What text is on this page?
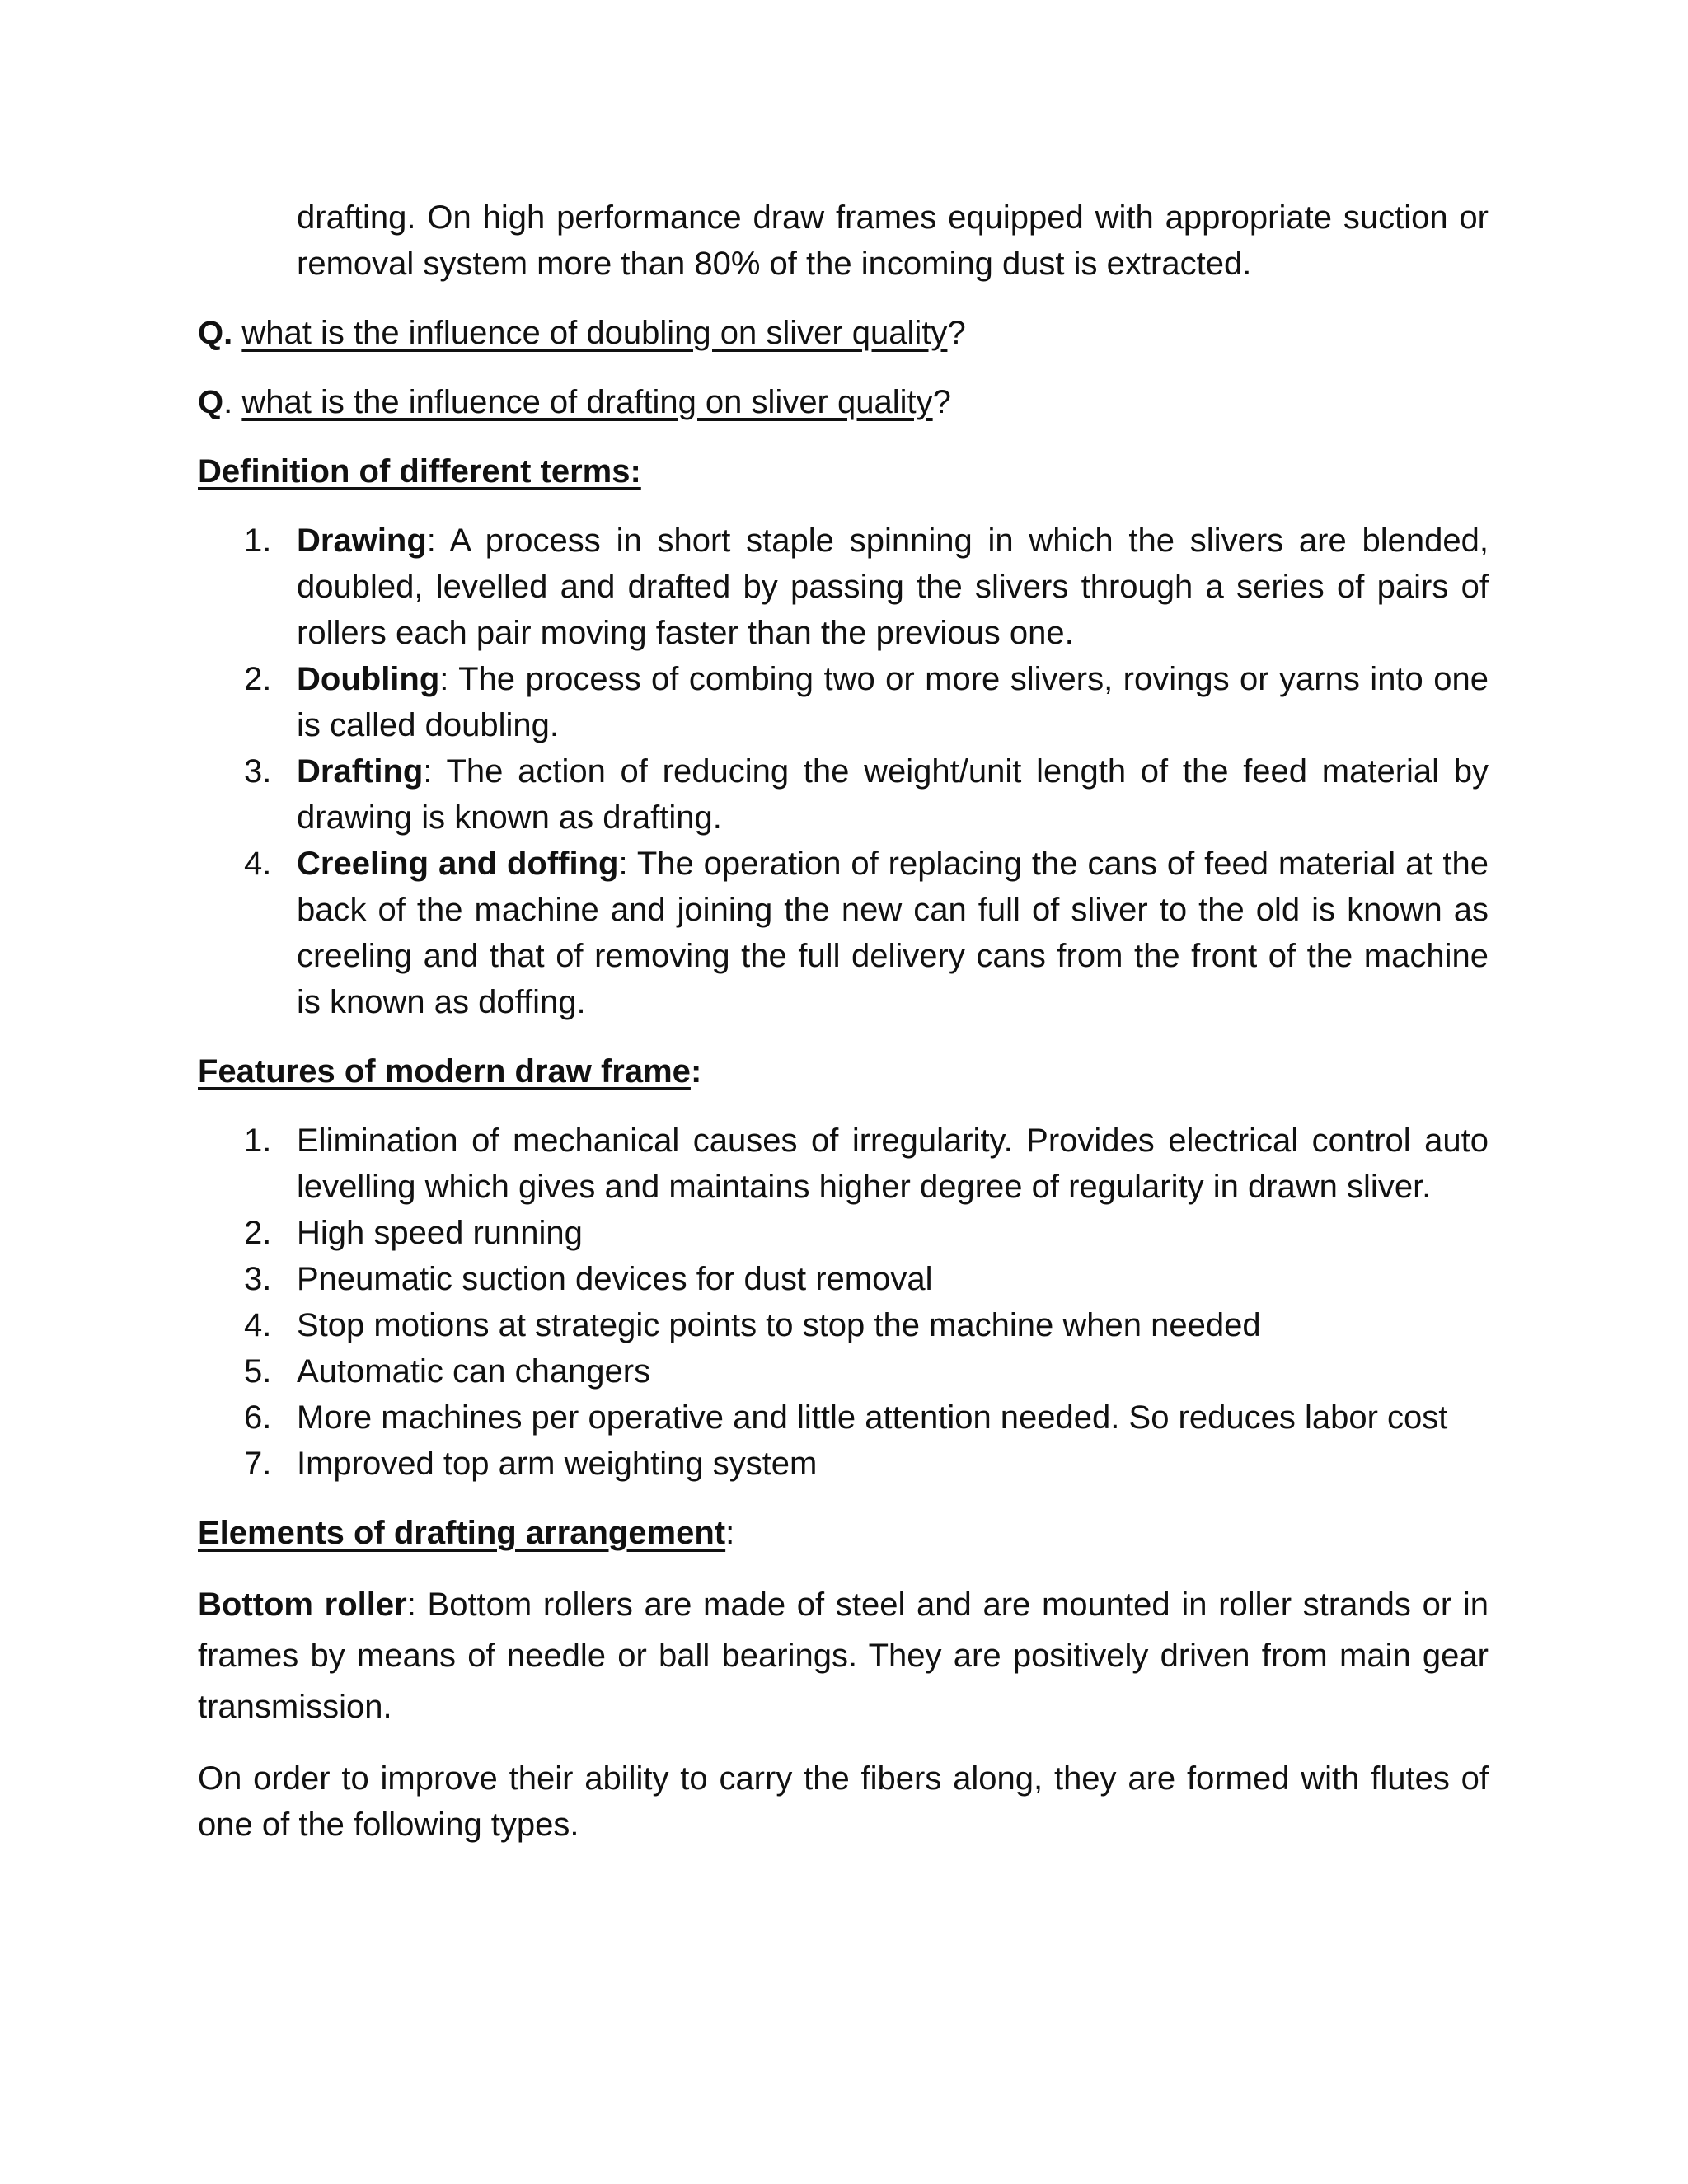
drafting. On high performance draw frames equipped with appropriate suction or removal system more than 80% of the incoming dust is extracted.

Q. what is the influence of doubling on sliver quality?

Q. what is the influence of drafting on sliver quality?

Definition of different terms:

1. Drawing: A process in short staple spinning in which the slivers are blended, doubled, levelled and drafted by passing the slivers through a series of pairs of rollers each pair moving faster than the previous one.
2. Doubling: The process of combing two or more slivers, rovings or yarns into one is called doubling.
3. Drafting: The action of reducing the weight/unit length of the feed material by drawing is known as drafting.
4. Creeling and doffing: The operation of replacing the cans of feed material at the back of the machine and joining the new can full of sliver to the old is known as creeling and that of removing the full delivery cans from the front of the machine is known as doffing.

Features of modern draw frame:

1. Elimination of mechanical causes of irregularity. Provides electrical control auto levelling which gives and maintains higher degree of regularity in drawn sliver.
2. High speed running
3. Pneumatic suction devices for dust removal
4. Stop motions at strategic points to stop the machine when needed
5. Automatic can changers
6. More machines per operative and little attention needed. So reduces labor cost
7. Improved top arm weighting system

Elements of drafting arrangement:

Bottom roller: Bottom rollers are made of steel and are mounted in roller strands or in frames by means of needle or ball bearings. They are positively driven from main gear transmission.

On order to improve their ability to carry the fibers along, they are formed with flutes of one of the following types.
